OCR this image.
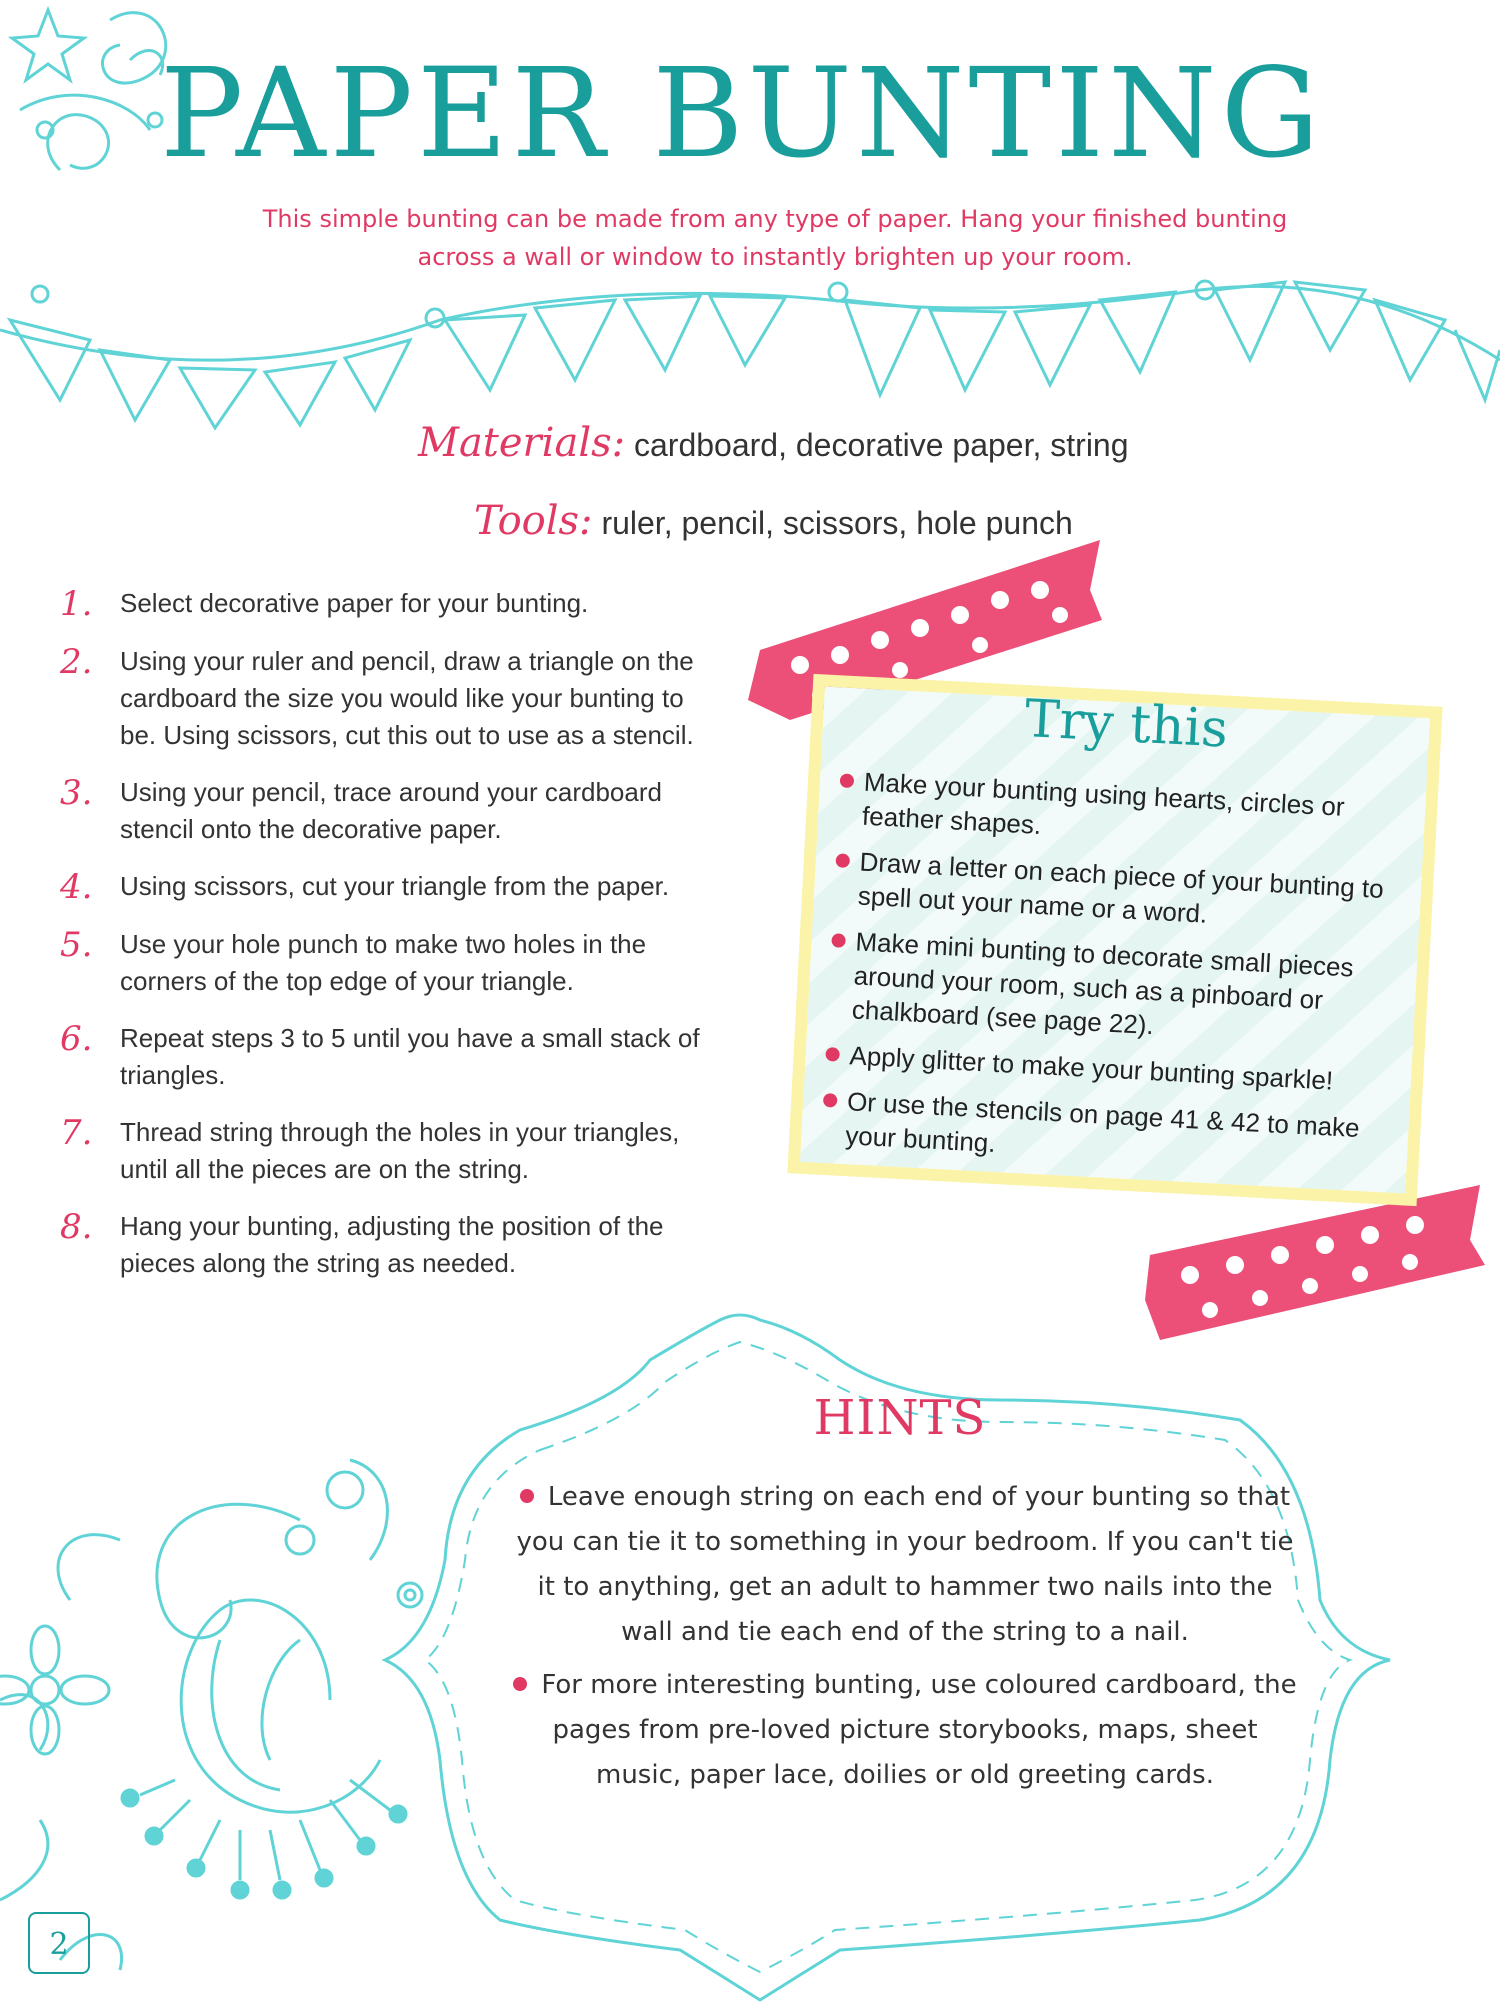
PAPER BUNTING

This simple bunting can be made from any type of paper. Hang your finished bunting across a wall or window to instantly brighten up your room.

Materials: cardboard, decorative paper, string
Tools: ruler, pencil, scissors, hole punch
1.	Select decorative paper for your bunting.
2.	Using your ruler and pencil, draw a triangle on the cardboard the size you would like your bunting to be. Using scissors, cut this out to use as a stencil.
3.	Using your pencil, trace around your cardboard stencil onto the decorative paper.
4.	Using scissors, cut your triangle from the paper.
5.	Use your hole punch to make two holes in the corners of the top edge of your triangle.
6.	Repeat steps 3 to 5 until you have a small stack of triangles.
7.	Thread string through the holes in your triangles, until all the pieces are on the string.
8.	Hang your bunting, adjusting the position of the pieces along the string as needed.
Try this
Make your bunting using hearts, circles or feather shapes.
Draw a letter on each piece of your bunting to spell out your name or a word.
Make mini bunting to decorate small pieces around your room, such as a pinboard or chalkboard (see page 22).
Apply glitter to make your bunting sparkle!
Or use the stencils on page 41 & 42 to make your bunting.
HINTS
Leave enough string on each end of your bunting so that you can tie it to something in your bedroom. If you can't tie it to anything, get an adult to hammer two nails into the wall and tie each end of the string to a nail.
For more interesting bunting, use coloured cardboard, the pages from pre-loved picture storybooks, maps, sheet music, paper lace, doilies or old greeting cards.
2
